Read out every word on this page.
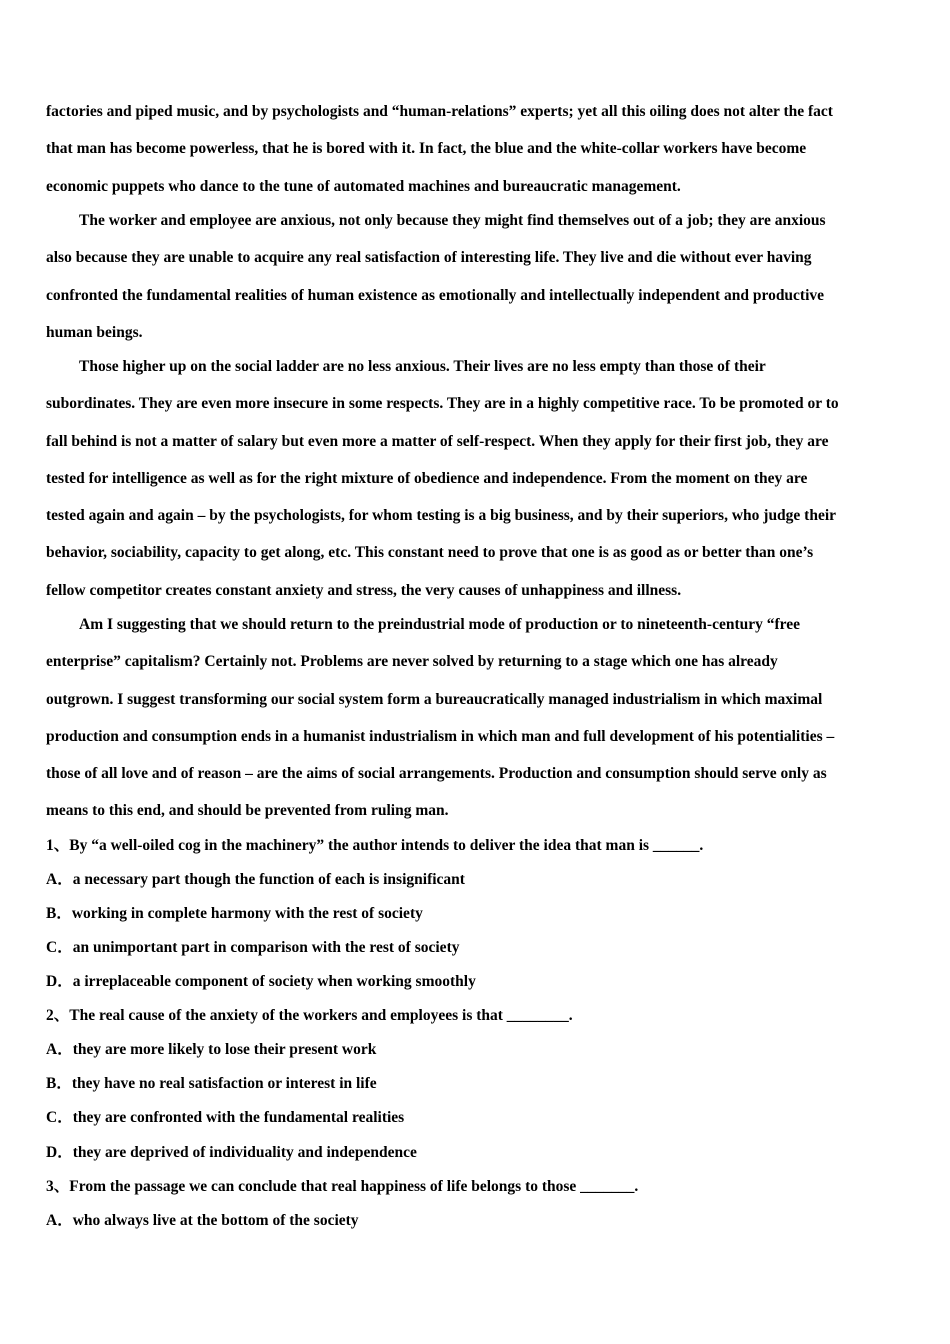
factories and piped music, and by psychologists and “human-relations” experts; yet all this oiling does not alter the fact
that man has become powerless, that he is bored with it. In fact, the blue and the white-collar workers have become
economic puppets who dance to the tune of automated machines and bureaucratic management.

The worker and employee are anxious, not only because they might find themselves out of a job; they are anxious
also because they are unable to acquire any real satisfaction of interesting life. They live and die without ever having
confronted the fundamental realities of human existence as emotionally and intellectually independent and productive
human beings.

Those higher up on the social ladder are no less anxious. Their lives are no less empty than those of their
subordinates. They are even more insecure in some respects. They are in a highly competitive race. To be promoted or to
fall behind is not a matter of salary but even more a matter of self-respect. When they apply for their first job, they are
tested for intelligence as well as for the right mixture of obedience and independence. From the moment on they are
tested again and again – by the psychologists, for whom testing is a big business, and by their superiors, who judge their
behavior, sociability, capacity to get along, etc. This constant need to prove that one is as good as or better than one’s
fellow competitor creates constant anxiety and stress, the very causes of unhappiness and illness.

Am I suggesting that we should return to the preindustrial mode of production or to nineteenth-century “free
enterprise” capitalism? Certainly not. Problems are never solved by returning to a stage which one has already
outgrown. I suggest transforming our social system form a bureaucratically managed industrialism in which maximal
production and consumption ends in a humanist industrialism in which man and full development of his potentialities –
those of all love and of reason – are the aims of social arrangements. Production and consumption should serve only as
means to this end, and should be prevented from ruling man.

1、By “a well-oiled cog in the machinery” the author intends to deliver the idea that man is ______.
A．a necessary part though the function of each is insignificant
B．working in complete harmony with the rest of society
C．an unimportant part in comparison with the rest of society
D．a irreplaceable component of society when working smoothly
2、The real cause of the anxiety of the workers and employees is that ________.
A．they are more likely to lose their present work
B．they have no real satisfaction or interest in life
C．they are confronted with the fundamental realities
D．they are deprived of individuality and independence
3、From the passage we can conclude that real happiness of life belongs to those _______.
A．who always live at the bottom of the society
